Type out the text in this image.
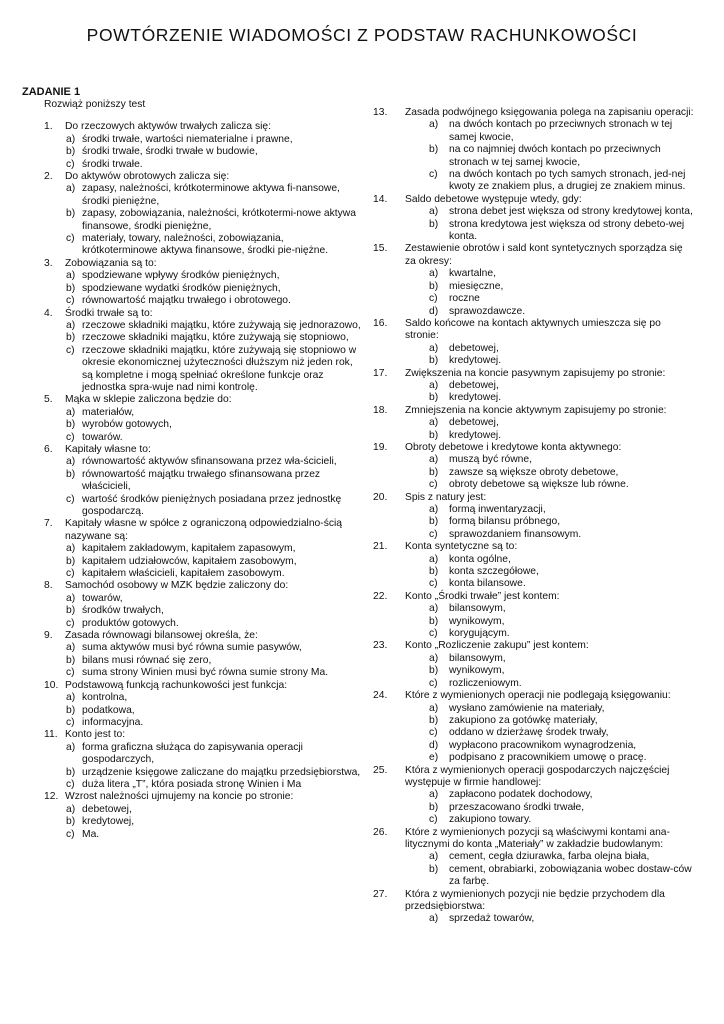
POWTÓRZENIE WIADOMOŚCI Z PODSTAW RACHUNKOWOŚCI
ZADANIE 1
Rozwiąż poniższy test
1. Do rzeczowych aktywów trwałych zalicza się:
a) środki trwałe, wartości niematerialne i prawne,
b) środki trwałe, środki trwałe w budowie,
c) środki trwałe.
2. Do aktywów obrotowych zalicza się:
a) zapasy, należności, krótkoterminowe aktywa fi-nansowe, środki pieniężne,
b) zapasy, zobowiązania, należności, krótkotermi-nowe aktywa finansowe, środki pieniężne,
c) materiały, towary, należności, zobowiązania, krótkoterminowe aktywa finansowe, środki pie-niężne.
3. Zobowiązania są to:
a) spodziewane wpływy środków pieniężnych,
b) spodziewane wydatki środków pieniężnych,
c) równowartość majątku trwałego i obrotowego.
4. Środki trwałe są to:
a) rzeczowe składniki majątku, które zużywają się jednorazowo,
b) rzeczowe składniki majątku, które zużywają się stopniowo,
c) rzeczowe składniki majątku, które zużywają się stopniowo w okresie ekonomicznej użyteczności dłuższym niż jeden rok, są kompletne i mogą spełniać określone funkcje oraz jednostka spra-wuje nad nimi kontrolę.
5. Mąka w sklepie zaliczona będzie do:
a) materiałów,
b) wyrobów gotowych,
c) towarów.
6. Kapitały własne to:
a) równowartość aktywów sfinansowana przez wła-ścicieli,
b) równowartość majątku trwałego sfinansowana przez właścicieli,
c) wartość środków pieniężnych posiadana przez jednostkę gospodarczą.
7. Kapitały własne w spółce z ograniczoną odpowiedzialno-ścią nazywane są:
a) kapitałem zakładowym, kapitałem zapasowym,
b) kapitałem udziałowców, kapitałem zasobowym,
c) kapitałem właścicieli, kapitałem zasobowym.
8. Samochód osobowy w MZK będzie zaliczony do:
a) towarów,
b) środków trwałych,
c) produktów gotowych.
9. Zasada równowagi bilansowej określa, że:
a) suma aktywów musi być równa sumie pasywów,
b) bilans musi równać się zero,
c) suma strony Winien musi być równa sumie strony Ma.
10. Podstawową funkcją rachunkowości jest funkcja:
a) kontrolna,
b) podatkowa,
c) informacyjna.
11. Konto jest to:
a) forma graficzna służąca do zapisywania operacji gospodarczych,
b) urządzenie księgowe zaliczane do majątku przedsiębiorstwa,
c) duża litera „T”, która posiada stronę Winien i Ma
12. Wzrost należności ujmujemy na koncie po stronie:
a) debetowej,
b) kredytowej,
c) Ma.
13. Zasada podwójnego księgowania polega na zapisaniu operacji:
a) na dwóch kontach po przeciwnych stronach w tej samej kwocie,
b) na co najmniej dwóch kontach po przeciwnych stronach w tej samej kwocie,
c) na dwóch kontach po tych samych stronach, jed-nej kwoty ze znakiem plus, a drugiej ze znakiem minus.
14. Saldo debetowe występuje wtedy, gdy:
a) strona debet jest większa od strony kredytowej konta,
b) strona kredytowa jest większa od strony debeto-wej konta.
15. Zestawienie obrotów i sald kont syntetycznych sporządza się za okresy:
a) kwartalne,
b) miesięczne,
c) roczne
d) sprawozdawcze.
16. Saldo końcowe na kontach aktywnych umieszcza się po stronie:
a) debetowej,
b) kredytowej.
17. Zwiększenia na koncie pasywnym zapisujemy po stronie:
a) debetowej,
b) kredytowej.
18. Zmniejszenia na koncie aktywnym zapisujemy po stronie:
a) debetowej,
b) kredytowej.
19. Obroty debetowe i kredytowe konta aktywnego:
a) muszą być równe,
b) zawsze są większe obroty debetowe,
c) obroty debetowe są większe lub równe.
20. Spis z natury jest:
a) formą inwentaryzacji,
b) formą bilansu próbnego,
c) sprawozdaniem finansowym.
21. Konta syntetyczne są to:
a) konta ogólne,
b) konta szczegółowe,
c) konta bilansowe.
22. Konto „Środki trwałe” jest kontem:
a) bilansowym,
b) wynikowym,
c) korygującym.
23. Konto „Rozliczenie zakupu” jest kontem:
a) bilansowym,
b) wynikowym,
c) rozliczeniowym.
24. Które z wymienionych operacji nie podlegają księgowaniu:
a) wysłano zamówienie na materiały,
b) zakupiono za gotówkę materiały,
c) oddano w dzierżawę środek trwały,
d) wypłacono pracownikom wynagrodzenia,
e) podpisano z pracownikiem umowę o pracę.
25. Która z wymienionych operacji gospodarczych najczęściej występuje w firmie handlowej:
a) zapłacono podatek dochodowy,
b) przeszacowano środki trwałe,
c) zakupiono towary.
26. Które z wymienionych pozycji są właściwymi kontami ana-litycznymi do konta „Materiały” w zakładzie budowlanym:
a) cement, cegła dziurawka, farba olejna biała,
b) cement, obrabiarki, zobowiązania wobec dostaw-ców za farbę.
27. Która z wymienionych pozycji nie będzie przychodem dla przedsiębiorstwa:
a) sprzedaż towarów,
